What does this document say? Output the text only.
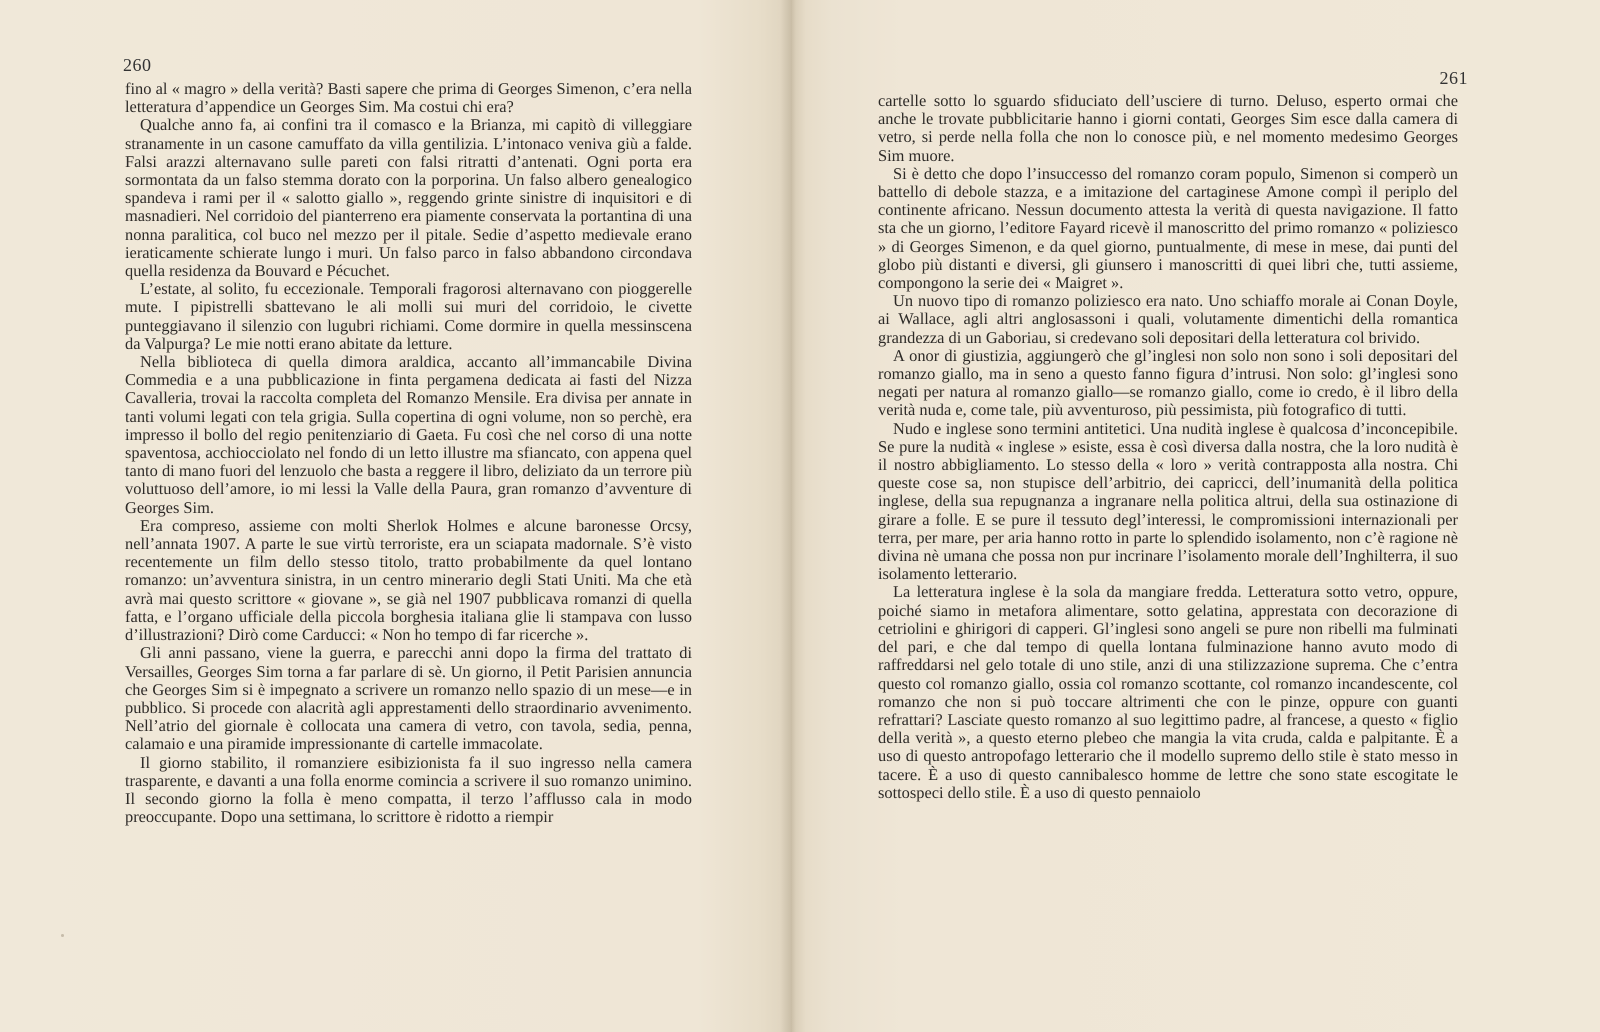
260

fino al « magro » della verità? Basti sapere che prima di Georges Simenon, c’era nella letteratura d’appendice un Georges Sim. Ma costui chi era?

Qualche anno fa, ai confini tra il comasco e la Brianza, mi capitò di villeggiare stranamente in un casone camuffato da villa gentilizia. L’intonaco veniva giù a falde. Falsi arazzi alternavano sulle pareti con falsi ritratti d’antenati. Ogni porta era sormontata da un falso stemma dorato con la porporina. Un falso albero genealogico spandeva i rami per il « salotto giallo », reggendo grinte sinistre di inquisitori e di masnadieri. Nel corridoio del pianterreno era piamente conservata la portantina di una nonna paralitica, col buco nel mezzo per il pitale. Sedie d’aspetto medievale erano ieraticamente schierate lungo i muri. Un falso parco in falso abbandono circondava quella residenza da Bouvard e Pécuchet.

L’estate, al solito, fu eccezionale. Temporali fragorosi alternavano con pioggerelle mute. I pipistrelli sbattevano le ali molli sui muri del corridoio, le civette punteggiavano il silenzio con lugubri richiami. Come dormire in quella messinscena da Valpurga? Le mie notti erano abitate da letture.

Nella biblioteca di quella dimora araldica, accanto all’immancabile Divina Commedia e a una pubblicazione in finta pergamena dedicata ai fasti del Nizza Cavalleria, trovai la raccolta completa del Romanzo Mensile. Era divisa per annate in tanti volumi legati con tela grigia. Sulla copertina di ogni volume, non so perchè, era impresso il bollo del regio penitenziario di Gaeta. Fu così che nel corso di una notte spaventosa, acchiocciolato nel fondo di un letto illustre ma sfiancato, con appena quel tanto di mano fuori del lenzuolo che basta a reggere il libro, deliziato da un terrore più voluttuoso dell’amore, io mi lessi la Valle della Paura, gran romanzo d’avventure di Georges Sim.

Era compreso, assieme con molti Sherlok Holmes e alcune baronesse Orcsy, nell’annata 1907. A parte le sue virtù terroriste, era un sciapata madornale. S’è visto recentemente un film dello stesso titolo, tratto probabilmente da quel lontano romanzo: un’avventura sinistra, in un centro minerario degli Stati Uniti. Ma che età avrà mai questo scrittore « giovane », se già nel 1907 pubblicava romanzi di quella fatta, e l’organo ufficiale della piccola borghesia italiana glie li stampava con lusso d’illustrazioni? Dirò come Carducci: « Non ho tempo di far ricerche ».

Gli anni passano, viene la guerra, e parecchi anni dopo la firma del trattato di Versailles, Georges Sim torna a far parlare di sè. Un giorno, il Petit Parisien annuncia che Georges Sim si è impegnato a scrivere un romanzo nello spazio di un mese—e in pubblico. Si procede con alacrità agli apprestamenti dello straordinario avvenimento. Nell’atrio del giornale è collocata una camera di vetro, con tavola, sedia, penna, calamaio e una piramide impressionante di cartelle immacolate.

Il giorno stabilito, il romanziere esibizionista fa il suo ingresso nella camera trasparente, e davanti a una folla enorme comincia a scrivere il suo romanzo unimino. Il secondo giorno la folla è meno compatta, il terzo l’afflusso cala in modo preoccupante. Dopo una settimana, lo scrittore è ridotto a riempir

261

cartelle sotto lo sguardo sfiduciato dell’usciere di turno. Deluso, esperto ormai che anche le trovate pubblicitarie hanno i giorni contati, Georges Sim esce dalla camera di vetro, si perde nella folla che non lo conosce più, e nel momento medesimo Georges Sim muore.

Si è detto che dopo l’insuccesso del romanzo coram populo, Simenon si comperò un battello di debole stazza, e a imitazione del cartaginese Amone compì il periplo del continente africano. Nessun documento attesta la verità di questa navigazione. Il fatto sta che un giorno, l’editore Fayard ricevè il manoscritto del primo romanzo « poliziesco » di Georges Simenon, e da quel giorno, puntualmente, di mese in mese, dai punti del globo più distanti e diversi, gli giunsero i manoscritti di quei libri che, tutti assieme, compongono la serie dei « Maigret ».

Un nuovo tipo di romanzo poliziesco era nato. Uno schiaffo morale ai Conan Doyle, ai Wallace, agli altri anglosassoni i quali, volutamente dimentichi della romantica grandezza di un Gaboriau, si credevano soli depositari della letteratura col brivido.

A onor di giustizia, aggiungerò che gl’inglesi non solo non sono i soli depositari del romanzo giallo, ma in seno a questo fanno figura d’intrusi. Non solo: gl’inglesi sono negati per natura al romanzo giallo—se romanzo giallo, come io credo, è il libro della verità nuda e, come tale, più avventuroso, più pessimista, più fotografico di tutti.

Nudo e inglese sono termini antitetici. Una nudità inglese è qualcosa d’inconcepibile. Se pure la nudità « inglese » esiste, essa è così diversa dalla nostra, che la loro nudità è il nostro abbigliamento. Lo stesso della « loro » verità contrapposta alla nostra. Chi queste cose sa, non stupisce dell’arbitrio, dei capricci, dell’inumanità della politica inglese, della sua repugnanza a ingranare nella politica altrui, della sua ostinazione di girare a folle. E se pure il tessuto degl’interessi, le compromissioni internazionali per terra, per mare, per aria hanno rotto in parte lo splendido isolamento, non c’è ragione nè divina nè umana che possa non pur incrinare l’isolamento morale dell’Inghilterra, il suo isolamento letterario.

La letteratura inglese è la sola da mangiare fredda. Letteratura sotto vetro, oppure, poiché siamo in metafora alimentare, sotto gelatina, apprestata con decorazione di cetriolini e ghirigori di capperi. Gl’inglesi sono angeli se pure non ribelli ma fulminati del pari, e che dal tempo di quella lontana fulminazione hanno avuto modo di raffreddarsi nel gelo totale di uno stile, anzi di una stilizzazione suprema. Che c’entra questo col romanzo giallo, ossia col romanzo scottante, col romanzo incandescente, col romanzo che non si può toccare altrimenti che con le pinze, oppure con guanti refrattari? Lasciate questo romanzo al suo legittimo padre, al francese, a questo « figlio della verità », a questo eterno plebeo che mangia la vita cruda, calda e palpitante. È a uso di questo antropofago letterario che il modello supremo dello stile è stato messo in tacere. È a uso di questo cannibalesco homme de lettre che sono state escogitate le sottospeci dello stile. È a uso di questo pennaiolo
